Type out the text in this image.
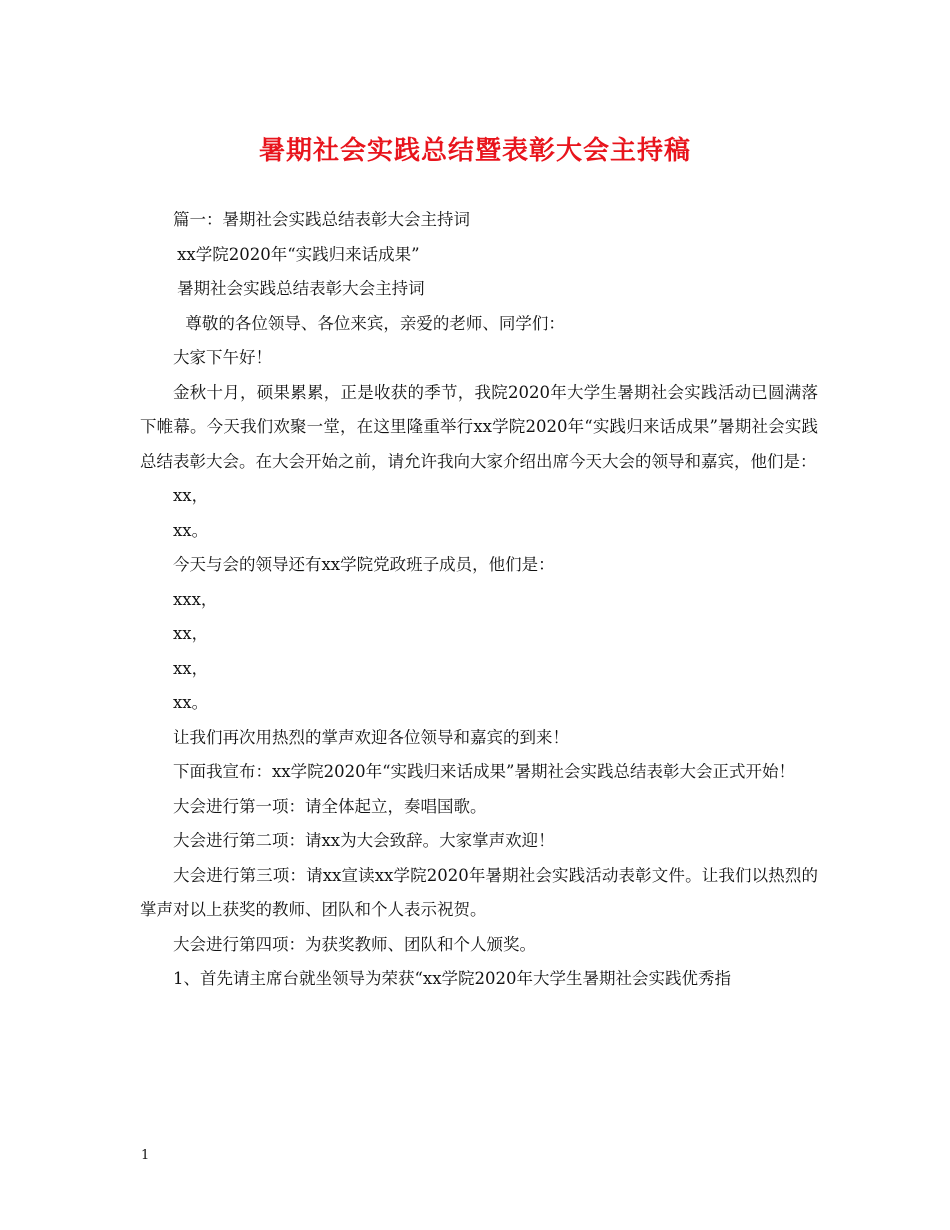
暑期社会实践总结暨表彰大会主持稿

篇一：暑期社会实践总结表彰大会主持词

xx学院2020年“实践归来话成果”

暑期社会实践总结表彰大会主持词

尊敬的各位领导、各位来宾，亲爱的老师、同学们：

大家下午好！

金秋十月，硕果累累，正是收获的季节，我院2020年大学生暑期社会实践活动已圆满落下帷幕。今天我们欢聚一堂，在这里隆重举行xx学院2020年“实践归来话成果”暑期社会实践总结表彰大会。在大会开始之前，请允许我向大家介绍出席今天大会的领导和嘉宾，他们是：

xx，

xx。

今天与会的领导还有xx学院党政班子成员，他们是：

xxx，

xx，

xx，

xx。

让我们再次用热烈的掌声欢迎各位领导和嘉宾的到来！

下面我宣布：xx学院2020年“实践归来话成果”暑期社会实践总结表彰大会正式开始！

大会进行第一项：请全体起立，奏唱国歌。

大会进行第二项：请xx为大会致辞。大家掌声欢迎！

大会进行第三项：请xx宣读xx学院2020年暑期社会实践活动表彰文件。让我们以热烈的掌声对以上获奖的教师、团队和个人表示祝贺。

大会进行第四项：为获奖教师、团队和个人颁奖。

1、首先请主席台就坐领导为荣获“xx学院2020年大学生暑期社会实践优秀指

1
